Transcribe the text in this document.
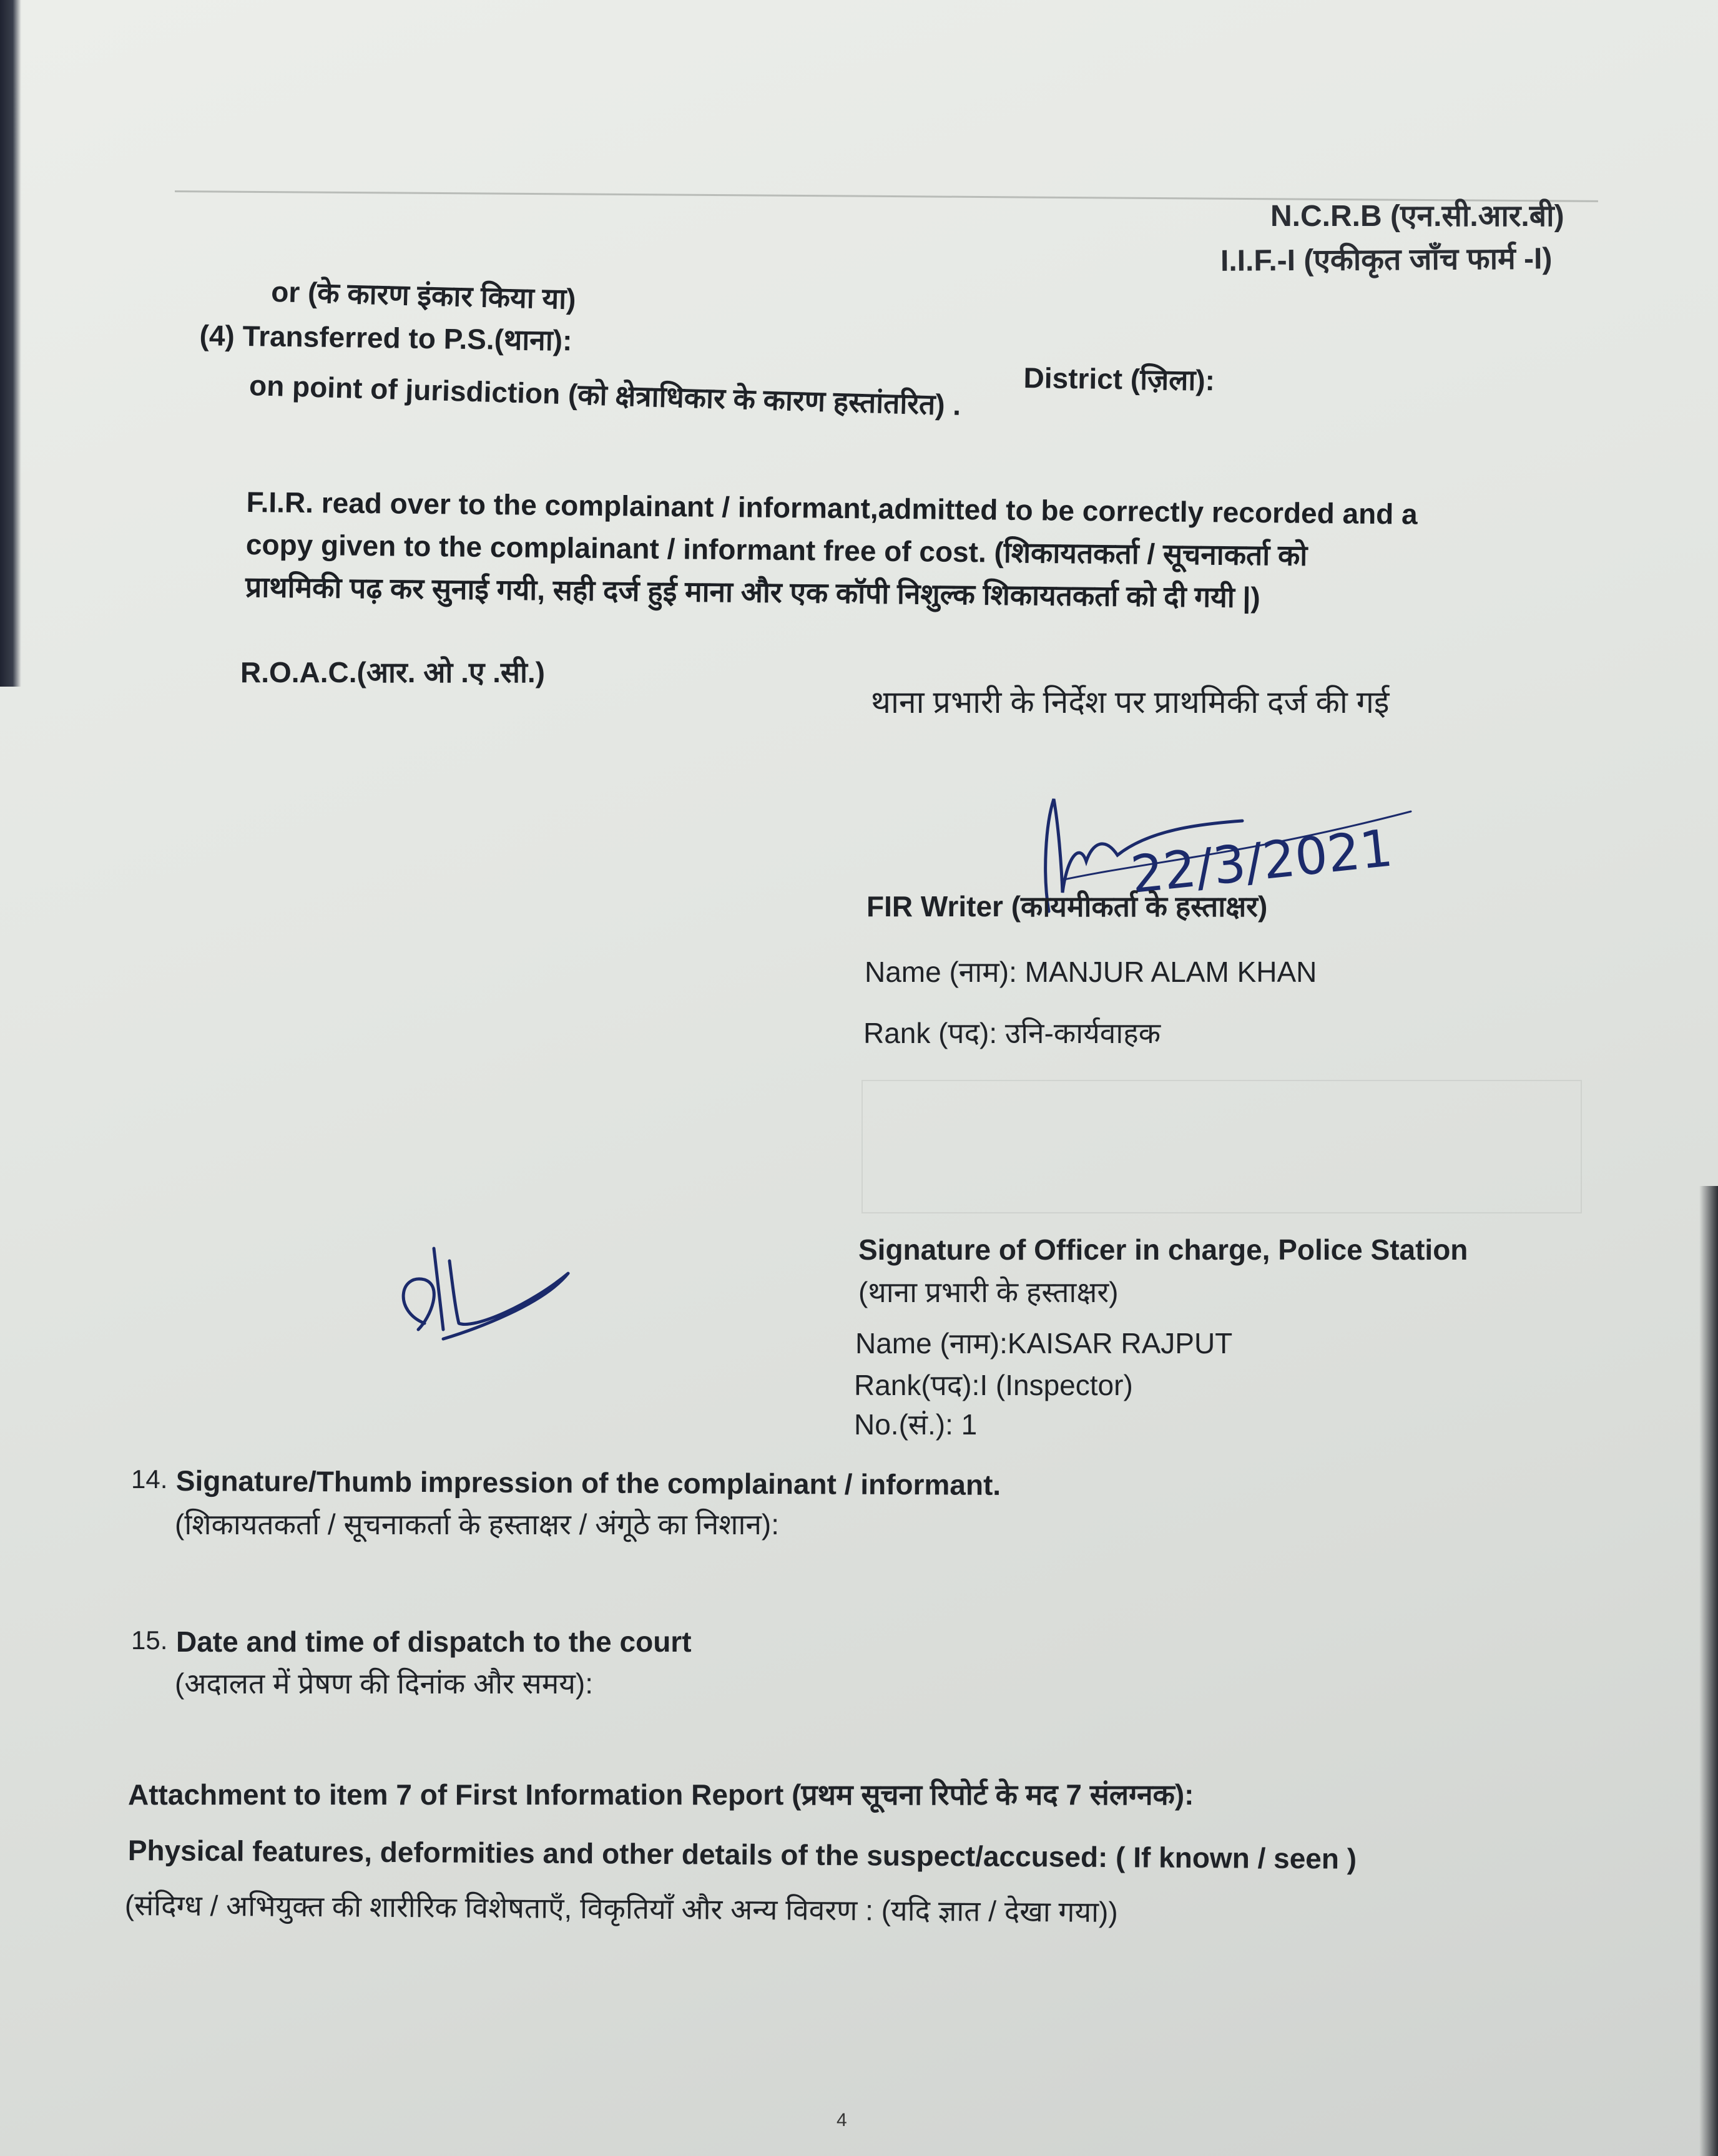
N.C.R.B (एन.सी.आर.बी)
I.I.F.-I (एकीकृत जाँच फार्म -I)
or (के कारण इंकार किया या)
(4) Transferred to P.S.(थाना):
District (ज़िला):
on point of jurisdiction (को क्षेत्राधिकार के कारण हस्तांतरित) .
F.I.R. read over to the complainant / informant,admitted to be correctly recorded and a
copy given to the complainant / informant free of cost. (शिकायतकर्ता / सूचनाकर्ता को
प्राथमिकी पढ़ कर सुनाई गयी, सही दर्ज हुई माना और एक कॉपी निशुल्क शिकायतकर्ता को दी गयी |)
R.O.A.C.(आर. ओ .ए .सी.)
थाना प्रभारी के निर्देश पर प्राथमिकी दर्ज की गई
22/3/2021
FIR Writer (कायमीकर्ता के हस्ताक्षर)
Name (नाम): MANJUR ALAM KHAN
Rank (पद): उनि-कार्यवाहक
Signature of Officer in charge, Police Station
(थाना प्रभारी के हस्ताक्षर)
Name (नाम):KAISAR RAJPUT
Rank(पद):I (Inspector)
No.(सं.): 1
14. Signature/Thumb impression of the complainant / informant.
(शिकायतकर्ता / सूचनाकर्ता के हस्ताक्षर / अंगूठे का निशान):
15. Date and time of dispatch to the court
(अदालत में प्रेषण की दिनांक और समय):
Attachment to item 7 of First Information Report (प्रथम सूचना रिपोर्ट के मद 7 संलग्नक):
Physical features, deformities and other details of the suspect/accused: ( If known / seen )
(संदिग्ध / अभियुक्त की शारीरिक विशेषताएँ, विकृतियाँ और अन्य विवरण : (यदि ज्ञात / देखा गया))
4
